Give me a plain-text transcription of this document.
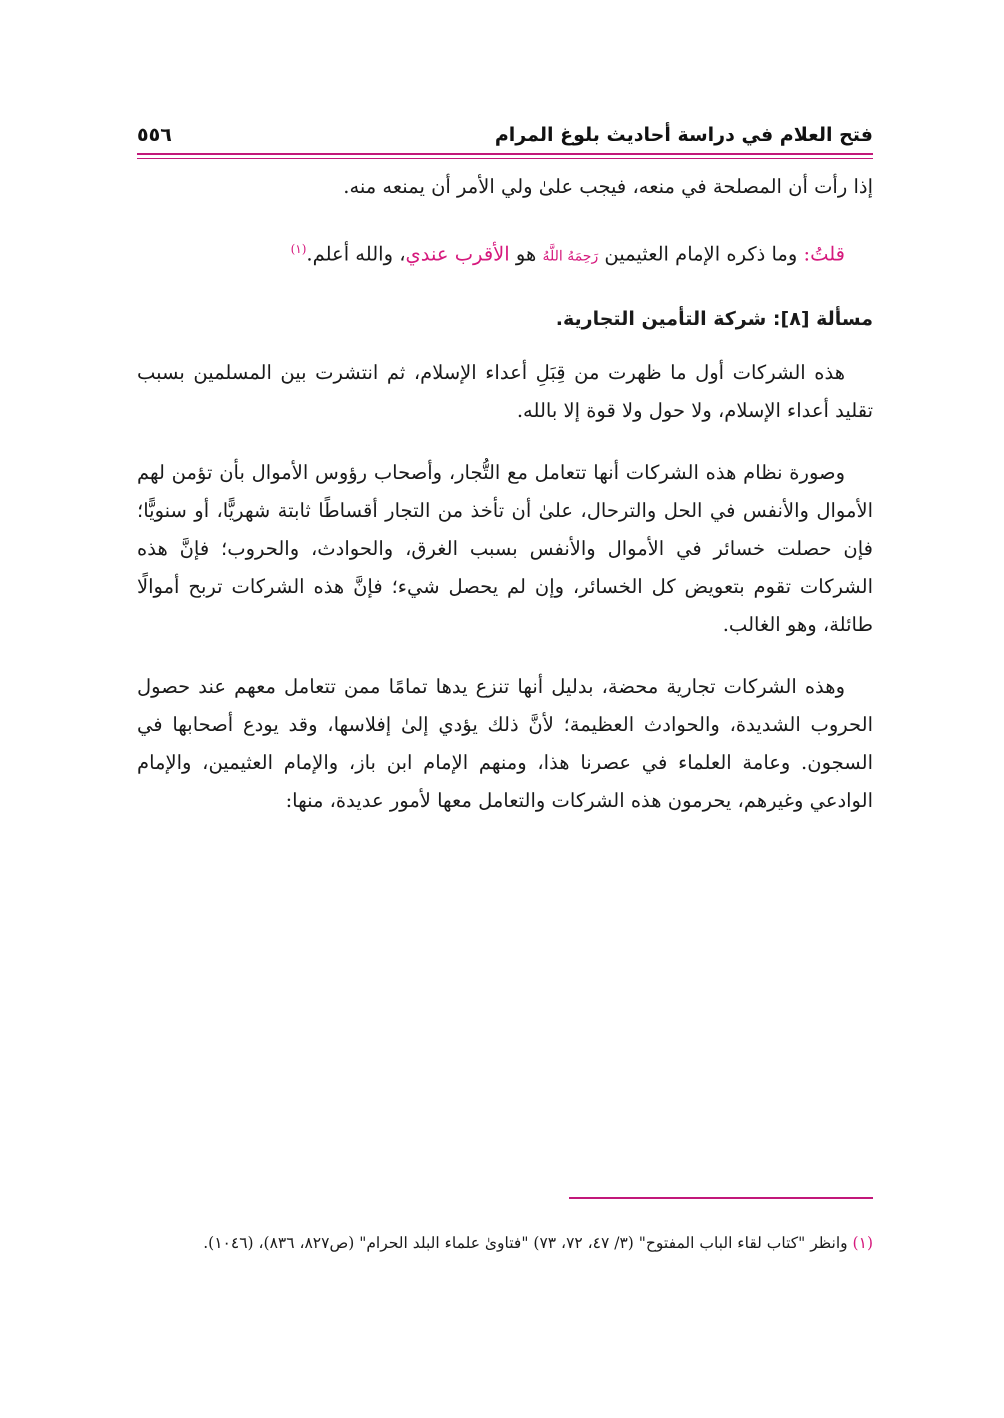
فتح العلام في دراسة أحاديث بلوغ المرام
٥٥٦

إذا رأت أن المصلحة في منعه، فيجب علىٰ ولي الأمر أن يمنعه منه.

قلتُ: وما ذكره الإمام العثيمين رَحِمَهُ اللَّهُ هو الأقرب عندي، والله أعلم.$^{(١)}$

مسألة [٨]: شركة التأمين التجارية.

هذه الشركات أول ما ظهرت من قِبَلِ أعداء الإسلام، ثم انتشرت بين المسلمين بسبب تقليد أعداء الإسلام، ولا حول ولا قوة إلا بالله.

وصورة نظام هذه الشركات أنها تتعامل مع التُّجار، وأصحاب رؤوس الأموال بأن تؤمن لهم الأموال والأنفس في الحل والترحال، علىٰ أن تأخذ من التجار أقساطًا ثابتة شهريًّا، أو سنويًّا؛ فإن حصلت خسائر في الأموال والأنفس بسبب الغرق، والحوادث، والحروب؛ فإنَّ هذه الشركات تقوم بتعويض كل الخسائر، وإن لم يحصل شيء؛ فإنَّ هذه الشركات تربح أموالًا طائلة، وهو الغالب.

وهذه الشركات تجارية محضة، بدليل أنها تنزع يدها تمامًا ممن تتعامل معهم عند حصول الحروب الشديدة، والحوادث العظيمة؛ لأنَّ ذلك يؤدي إلىٰ إفلاسها، وقد يودع أصحابها في السجون. وعامة العلماء في عصرنا هذا، ومنهم الإمام ابن باز، والإمام العثيمين، والإمام الوادعي وغيرهم، يحرمون هذه الشركات والتعامل معها لأمور عديدة، منها:

(١) وانظر "كتاب لقاء الباب المفتوح" (٣/ ٤٧، ٧٢، ٧٣) "فتاوىٰ علماء البلد الحرام" (ص٨٢٧، ٨٣٦)، (١٠٤٦).
